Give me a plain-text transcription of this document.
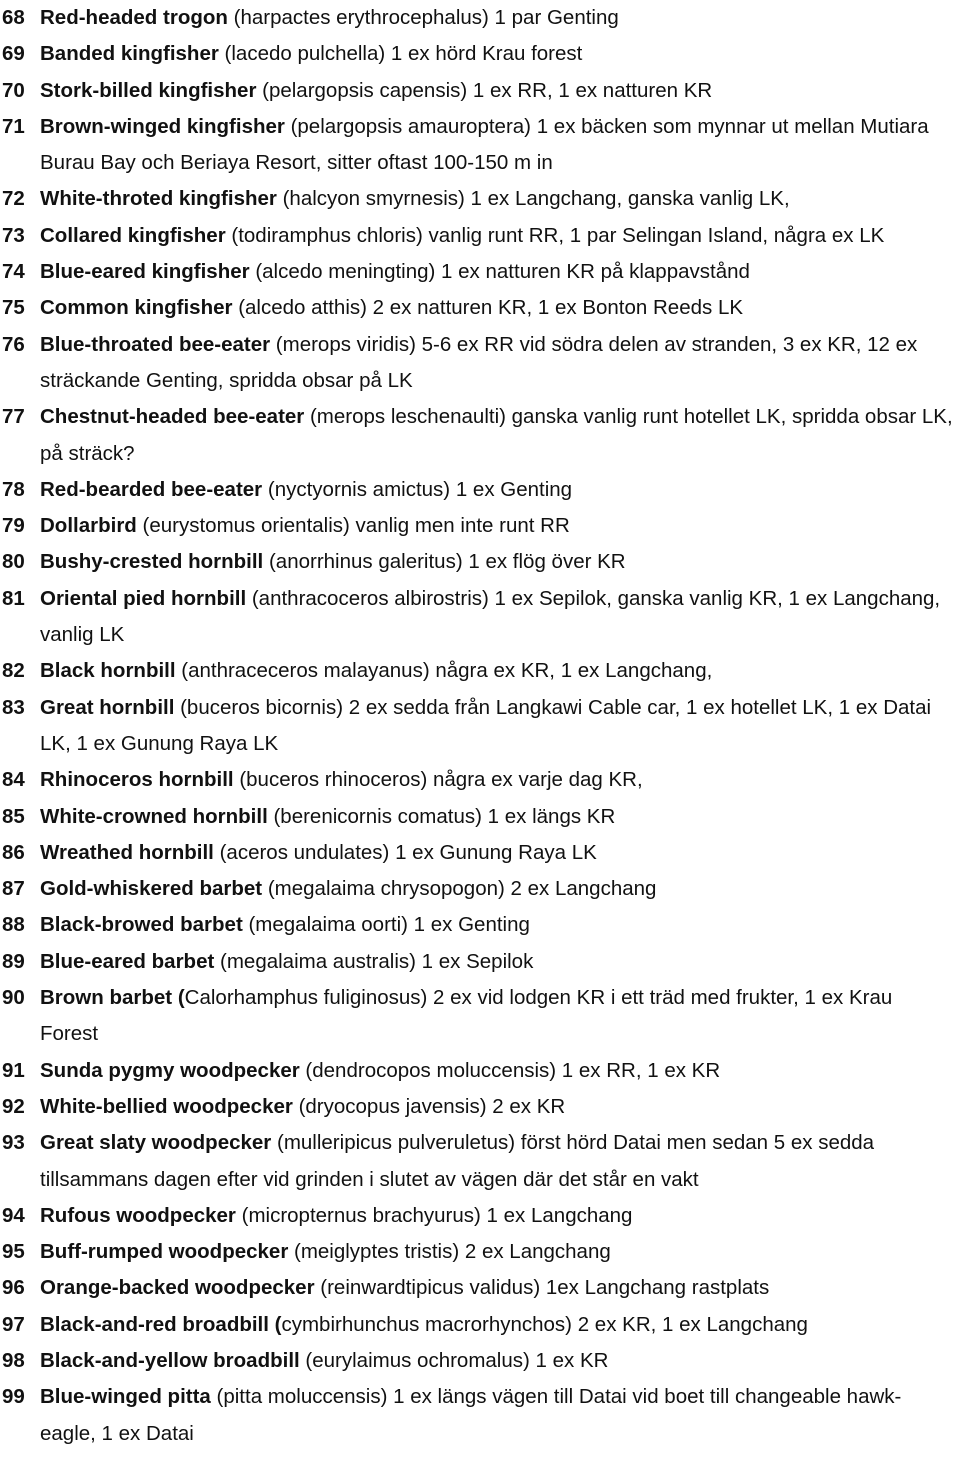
68 Red-headed trogon (harpactes erythrocephalus) 1 par Genting
69 Banded kingfisher (lacedo pulchella) 1 ex hörd Krau forest
70 Stork-billed kingfisher (pelargopsis capensis) 1 ex RR, 1 ex natturen KR
71 Brown-winged kingfisher (pelargopsis amauroptera) 1 ex bäcken som mynnar ut mellan Mutiara Burau Bay och Beriaya Resort, sitter oftast 100-150 m in
72 White-throted kingfisher (halcyon smyrnesis) 1 ex Langchang, ganska vanlig LK,
73 Collared kingfisher (todiramphus chloris) vanlig runt RR, 1 par Selingan Island, några ex LK
74 Blue-eared kingfisher (alcedo meningting) 1 ex natturen KR på klappavstånd
75 Common kingfisher (alcedo atthis) 2 ex natturen KR, 1 ex Bonton Reeds LK
76 Blue-throated bee-eater (merops viridis) 5-6 ex RR vid södra delen av stranden, 3 ex KR, 12 ex sträckande Genting, spridda obsar på LK
77 Chestnut-headed bee-eater (merops leschenaulti) ganska vanlig runt hotellet LK, spridda obsar LK, på sträck?
78 Red-bearded bee-eater (nyctyornis amictus) 1 ex Genting
79 Dollarbird (eurystomus orientalis) vanlig men inte runt RR
80 Bushy-crested hornbill (anorrhinus galeritus) 1 ex flög över KR
81 Oriental pied hornbill (anthracoceros albirostris) 1 ex Sepilok, ganska vanlig KR, 1 ex Langchang, vanlig LK
82 Black hornbill (anthraceceros malayanus) några ex KR, 1 ex Langchang,
83 Great hornbill (buceros bicornis) 2 ex sedda från Langkawi Cable car, 1 ex hotellet LK, 1 ex Datai LK, 1 ex Gunung Raya LK
84 Rhinoceros hornbill (buceros rhinoceros) några ex varje dag KR,
85 White-crowned hornbill (berenicornis comatus) 1 ex längs KR
86 Wreathed hornbill (aceros undulates) 1 ex Gunung Raya LK
87 Gold-whiskered barbet (megalaima chrysopogon) 2 ex Langchang
88 Black-browed barbet (megalaima oorti) 1 ex Genting
89 Blue-eared barbet (megalaima australis) 1 ex Sepilok
90 Brown barbet (Calorhamphus fuliginosus) 2 ex vid lodgen KR i ett träd med frukter, 1 ex Krau Forest
91 Sunda pygmy woodpecker (dendrocopos moluccensis) 1 ex RR, 1 ex KR
92 White-bellied woodpecker (dryocopus javensis) 2 ex KR
93 Great slaty woodpecker (mulleripicus pulveruletus) först hörd Datai men sedan 5 ex sedda tillsammans dagen efter vid grinden i slutet av vägen där det står en vakt
94 Rufous woodpecker (micropternus brachyurus) 1 ex Langchang
95 Buff-rumped woodpecker (meiglyptes tristis) 2 ex Langchang
96 Orange-backed woodpecker (reinwardtipicus validus) 1ex Langchang rastplats
97 Black-and-red broadbill (cymbirhunchus macrorhynchos) 2 ex KR, 1 ex Langchang
98 Black-and-yellow broadbill (eurylaimus ochromalus) 1 ex KR
99 Blue-winged pitta (pitta moluccensis) 1 ex längs vägen till Datai vid boet till changeable hawk-eagle, 1 ex Datai
